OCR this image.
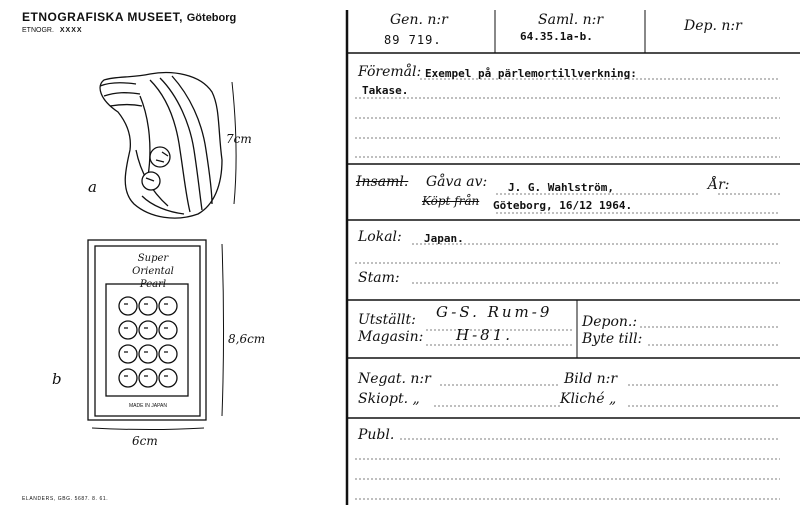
ETNOGRAFISKA MUSEET, Göteborg
ETNOGR. XXXX
a
b
7cm
8,6cm
6cm
Super
Oriental Pearl
MADE IN JAPAN
ELANDERS, GBG. 5687. 8. 61.
Gen. n:r
89 719.
Saml. n:r
64.35.1a-b.
Dep. n:r
Föremål: Exempel på pärlemortillverkning:
Takase.
Insaml. Gåva av: J. G. Wahlström,	År:
Köpt från Göteborg, 16/12 1964.
Lokal: Japan.
Stam:
Utställt: G-S. Rum-9
Magasin: H-81.
Depon.:
Byte till:
Negat. n:r	Bild n:r
Skiopt. „	Kliché „
Publ.
